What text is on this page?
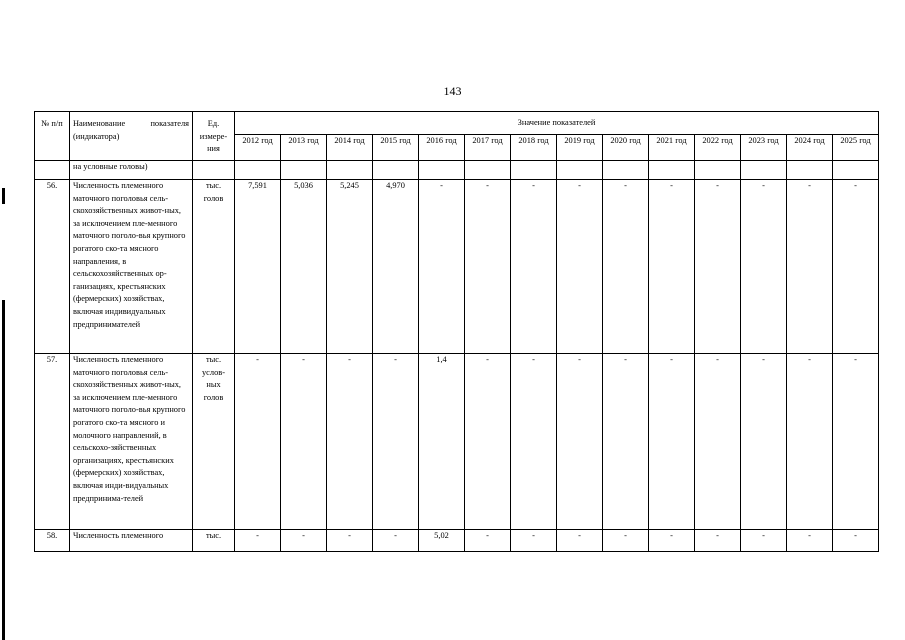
143
№ п/п	Наименование показателя (индикатора)	Ед. измере-ния	Значение показателей													
			2012 год	2013 год	2014 год	2015 год	2016 год	2017 год	2018 год	2019 год	2020 год	2021 год	2022 год	2023 год	2024 год	2025 год
	на условные головы)															
56.	Численность племенного маточного поголовья сель-скохозяйственных живот-ных, за исключением пле-менного маточного поголо-вья крупного рогатого ско-та мясного направления, в сельскохозяйственных ор-ганизациях, крестьянских (фермерских) хозяйствах, включая индивидуальных предпринимателей	тыс. голов	7,591	5,036	5,245	4,970	-	-	-	-	-	-	-	-	-	-
57.	Численность племенного маточного поголовья сель-скохозяйственных живот-ных, за исключением пле-менного маточного поголо-вья крупного рогатого ско-та мясного и молочного направлений, в сельскохо-зяйственных организациях, крестьянских (фермерских) хозяйствах, включая инди-видуальных предпринима-телей	тыс. услов-ных голов	-	-	-	-	1,4	-	-	-	-	-	-	-	-	-
58.	Численность племенного	тыс.	-	-	-	-	5,02	-	-	-	-	-	-	-	-	-
